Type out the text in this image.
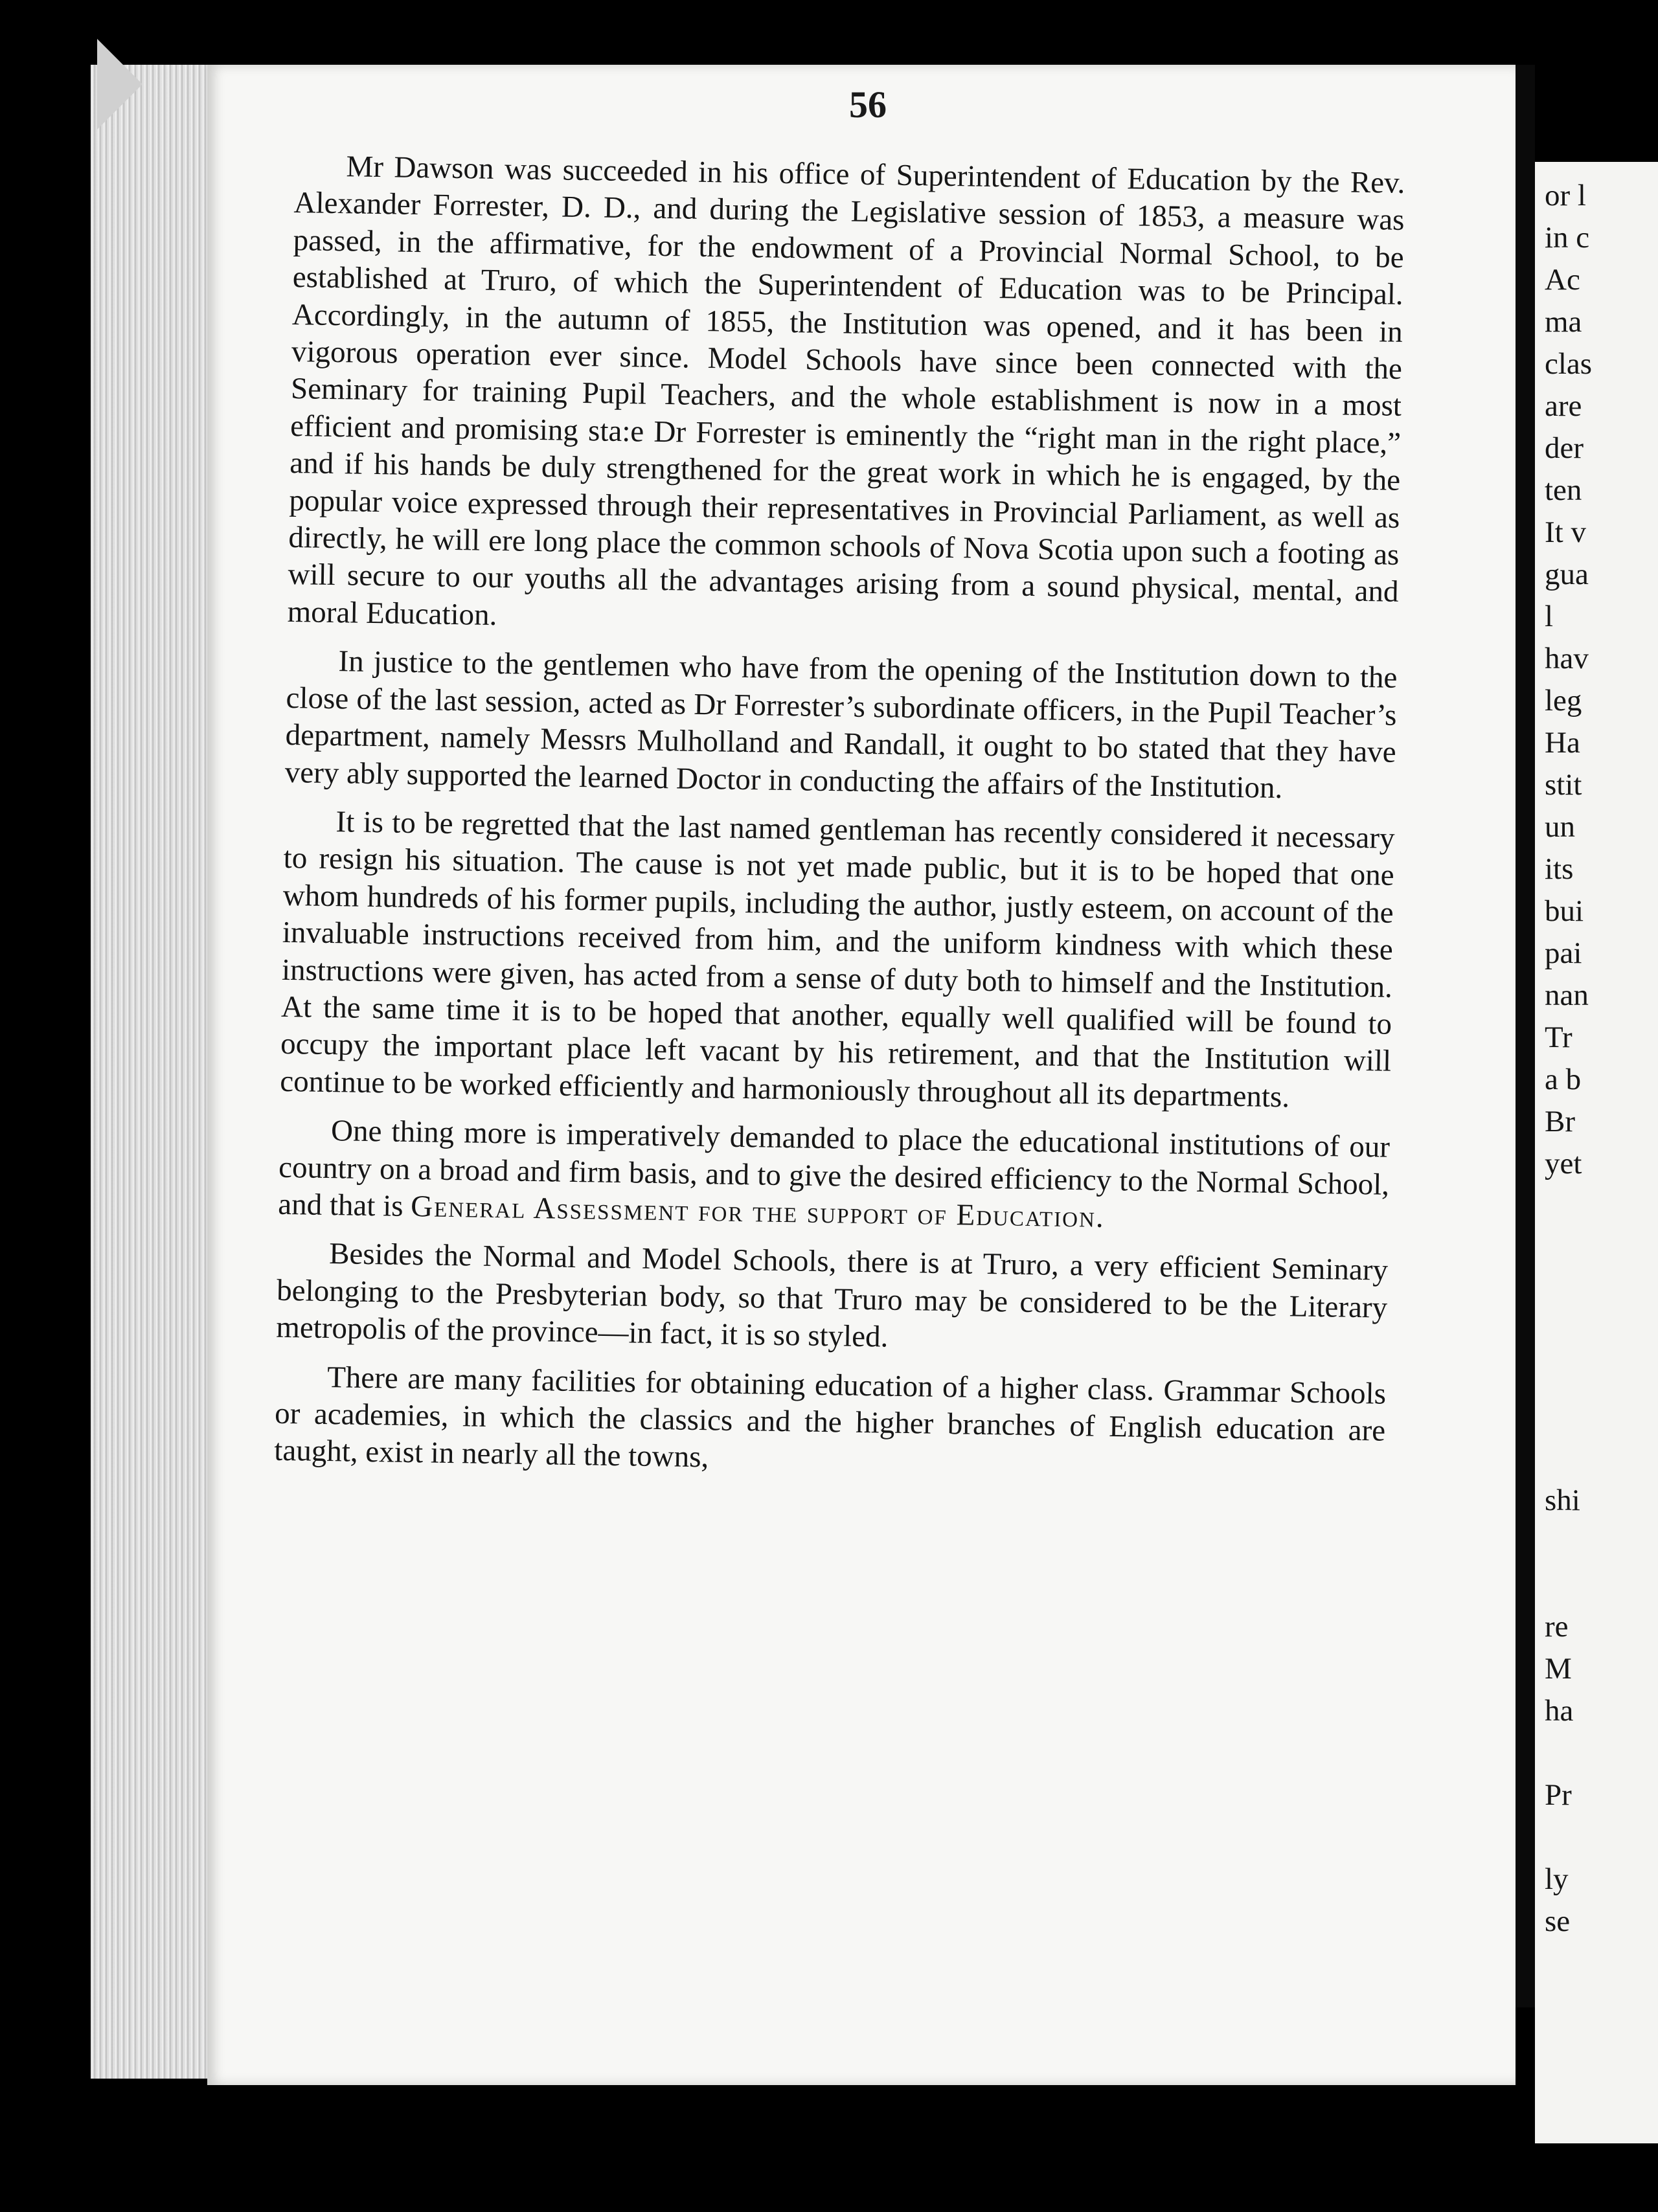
56

Mr Dawson was succeeded in his office of Superintendent of Education by the Rev. Alexander Forrester, D. D., and during the Legislative session of 1853, a measure was passed, in the affirmative, for the endowment of a Provincial Normal School, to be established at Truro, of which the Superintendent of Education was to be Principal. Accordingly, in the autumn of 1855, the Institution was opened, and it has been in vigorous operation ever since. Model Schools have since been connected with the Seminary for training Pupil Teachers, and the whole establishment is now in a most efficient and promising sta:e Dr Forrester is eminently the “right man in the right place,” and if his hands be duly strengthened for the great work in which he is engaged, by the popular voice expressed through their representatives in Provincial Parliament, as well as directly, he will ere long place the common schools of Nova Scotia upon such a footing as will secure to our youths all the advantages arising from a sound physical, mental, and moral Education.

In justice to the gentlemen who have from the opening of the Institution down to the close of the last session, acted as Dr Forrester’s subordinate officers, in the Pupil Teacher’s department, namely Messrs Mulholland and Randall, it ought to bo stated that they have very ably supported the learned Doctor in conducting the affairs of the Institution.

It is to be regretted that the last named gentleman has recently considered it necessary to resign his situation. The cause is not yet made public, but it is to be hoped that one whom hundreds of his former pupils, including the author, justly esteem, on account of the invaluable instructions received from him, and the uniform kindness with which these instructions were given, has acted from a sense of duty both to himself and the Institution. At the same time it is to be hoped that another, equally well qualified will be found to occupy the important place left vacant by his retirement, and that the Institution will continue to be worked efficiently and harmoniously throughout all its departments.

One thing more is imperatively demanded to place the educational institutions of our country on a broad and firm basis, and to give the desired efficiency to the Normal School, and that is General Assessment for the support of Education.

Besides the Normal and Model Schools, there is at Truro, a very efficient Seminary belonging to the Presbyterian body, so that Truro may be considered to be the Literary metropolis of the province—in fact, it is so styled.

There are many facilities for obtaining education of a higher class. Grammar Schools or academies, in which the classics and the higher branches of English education are taught, exist in nearly all the towns,

or l
in c
Ac
ma
clas
are
der
ten
It v
gua
l
hav
leg
Ha
stit
un
its
bui
pai
nan
Tr
a b
Br
yet
shi
re
M
ha
Pr
ly
se
